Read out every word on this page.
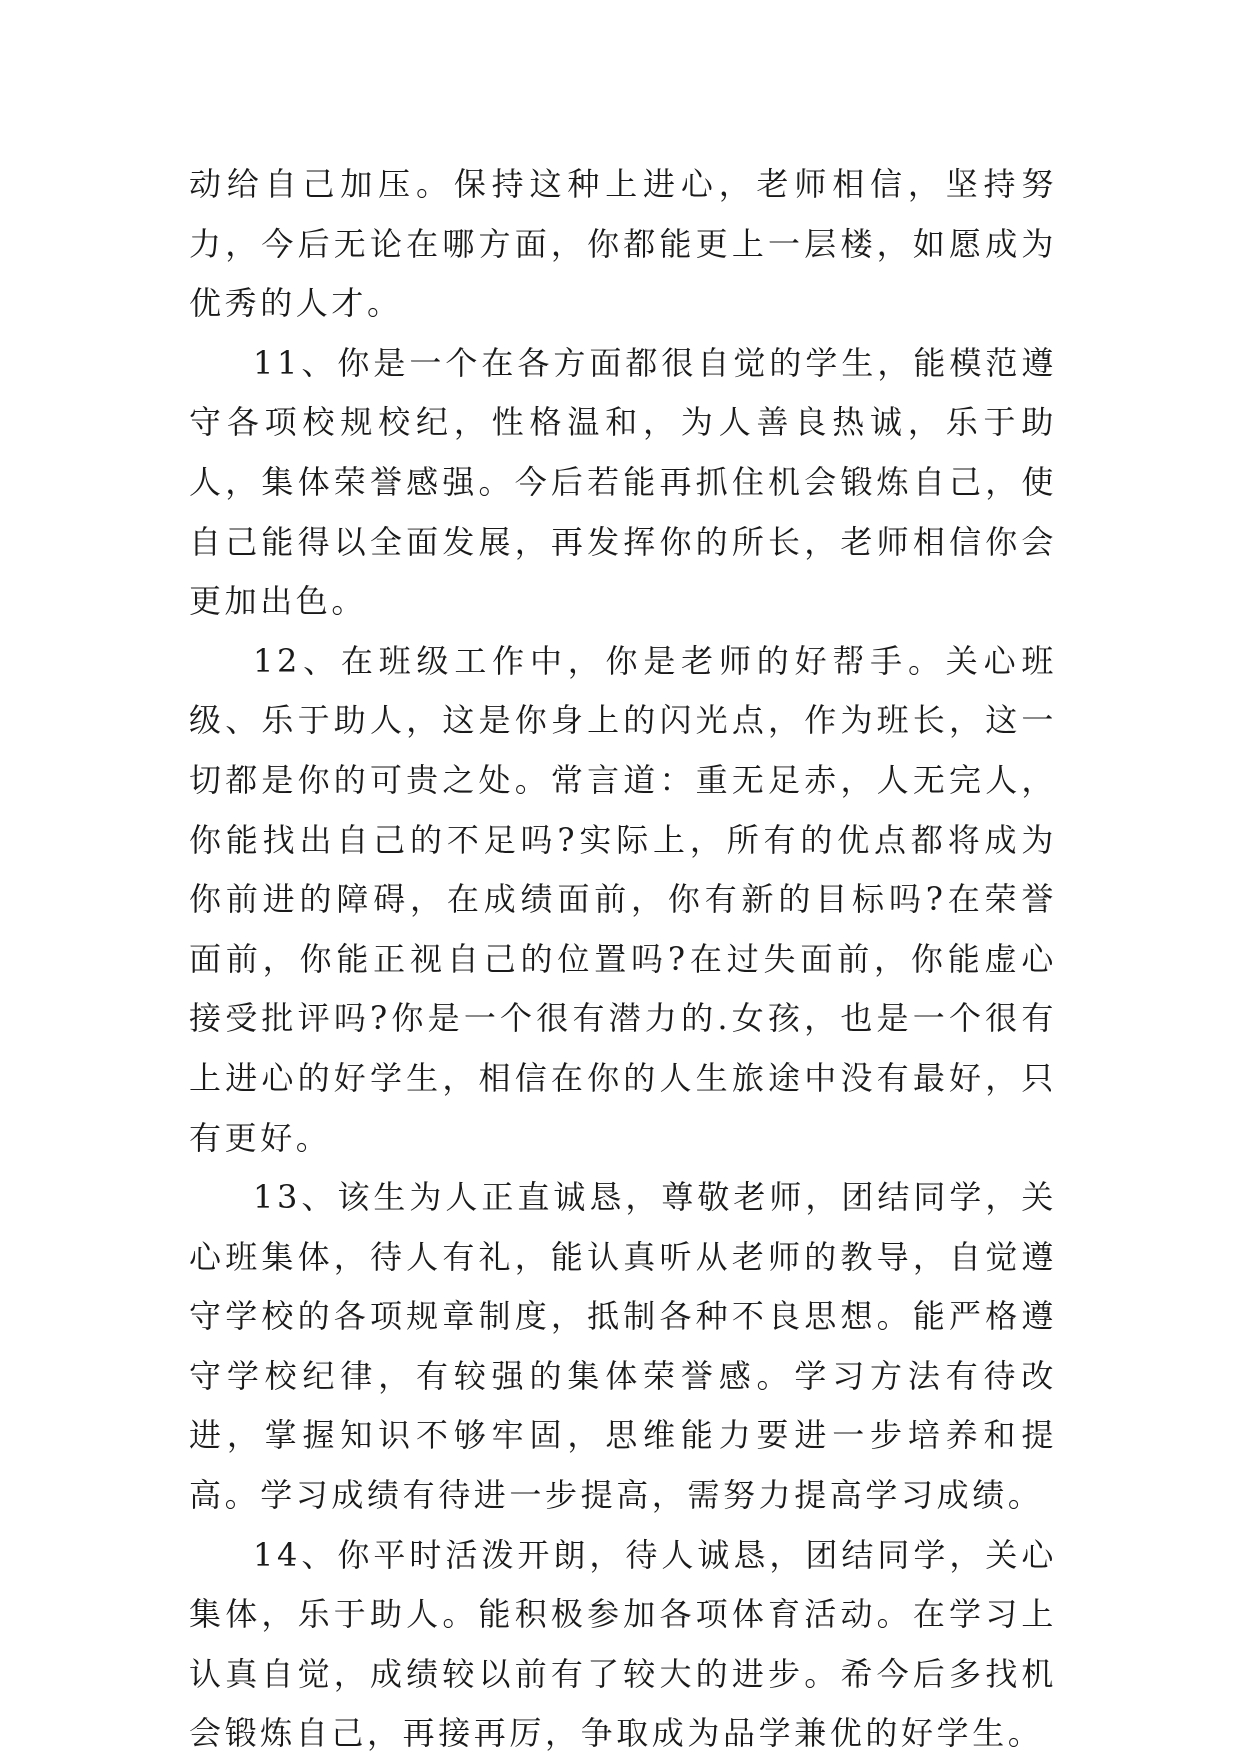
动给自己加压。保持这种上进心，老师相信，坚持努力，今后无论在哪方面，你都能更上一层楼，如愿成为优秀的人才。

11、你是一个在各方面都很自觉的学生，能模范遵守各项校规校纪，性格温和，为人善良热诚，乐于助人，集体荣誉感强。今后若能再抓住机会锻炼自己，使自己能得以全面发展，再发挥你的所长，老师相信你会更加出色。

12、在班级工作中，你是老师的好帮手。关心班级、乐于助人，这是你身上的闪光点，作为班长，这一切都是你的可贵之处。常言道：重无足赤，人无完人，你能找出自己的不足吗?实际上，所有的优点都将成为你前进的障碍，在成绩面前，你有新的目标吗?在荣誉面前，你能正视自己的位置吗?在过失面前，你能虚心接受批评吗?你是一个很有潜力的.女孩，也是一个很有上进心的好学生，相信在你的人生旅途中没有最好，只有更好。

13、该生为人正直诚恳，尊敬老师，团结同学，关心班集体，待人有礼，能认真听从老师的教导，自觉遵守学校的各项规章制度，抵制各种不良思想。能严格遵守学校纪律，有较强的集体荣誉感。学习方法有待改进，掌握知识不够牢固，思维能力要进一步培养和提高。学习成绩有待进一步提高，需努力提高学习成绩。

14、你平时活泼开朗，待人诚恳，团结同学，关心集体，乐于助人。能积极参加各项体育活动。在学习上认真自觉，成绩较以前有了较大的进步。希今后多找机会锻炼自己，再接再厉，争取成为品学兼优的好学生。
